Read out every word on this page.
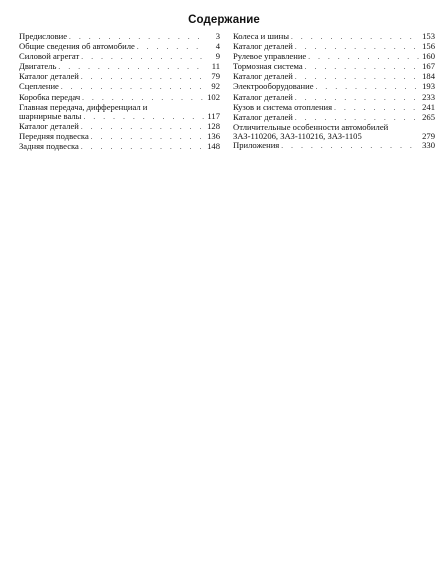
Содержание
Предисловие . . .	3
Общие сведения об автомобиле . . .	4
Силовой агрегат . . .	9
Двигатель . . .	11
Каталог деталей . . .	79
Сцепление . . .	92
Коробка передач . . .	102
Главная передача, дифференциал и
шарнирные валы . . .	117
Каталог деталей . . .	128
Передняя подвеска . . .	136
Задняя подвеска . . .	148
Колеса и шины . . .	153
Каталог деталей . . .	156
Рулевое управление . . .	160
Тормозная система . . .	167
Каталог деталей . . .	184
Электрооборудование . . .	193
Каталог деталей . . .	233
Кузов и система отопления . . .	241
Каталог деталей . . .	265
Отличительные особенности автомобилей
ЗАЗ-110206, ЗАЗ-110216, ЗАЗ-1105	279
Приложения . . .	330
